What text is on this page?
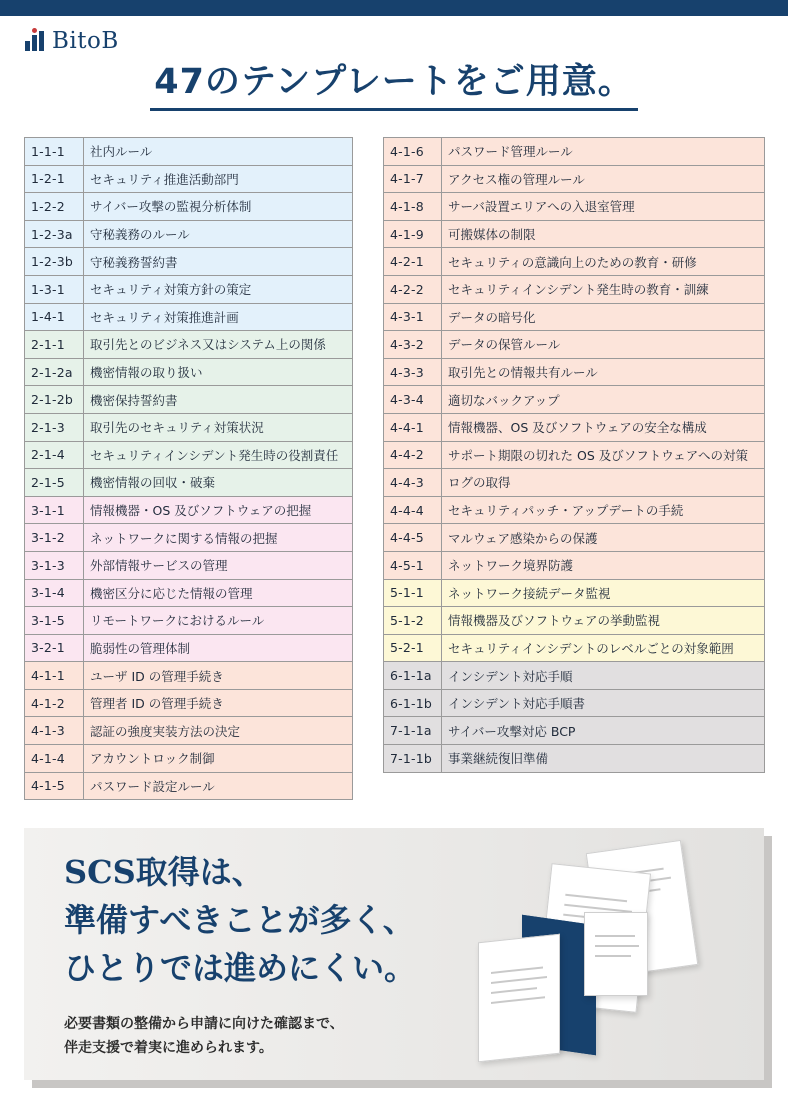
BitoB
47のテンプレートをご用意。
1-1-1	社内ルール
1-2-1	セキュリティ推進活動部門
1-2-2	サイバー攻撃の監視分析体制
1-2-3a	守秘義務のルール
1-2-3b	守秘義務誓約書
1-3-1	セキュリティ対策方針の策定
1-4-1	セキュリティ対策推進計画
2-1-1	取引先とのビジネス又はシステム上の関係
2-1-2a	機密情報の取り扱い
2-1-2b	機密保持誓約書
2-1-3	取引先のセキュリティ対策状況
2-1-4	セキュリティインシデント発生時の役割責任
2-1-5	機密情報の回収・破棄
3-1-1	情報機器・OS 及びソフトウェアの把握
3-1-2	ネットワークに関する情報の把握
3-1-3	外部情報サービスの管理
3-1-4	機密区分に応じた情報の管理
3-1-5	リモートワークにおけるルール
3-2-1	脆弱性の管理体制
4-1-1	ユーザ ID の管理手続き
4-1-2	管理者 ID の管理手続き
4-1-3	認証の強度実装方法の決定
4-1-4	アカウントロック制御
4-1-5	パスワード設定ルール
4-1-6	パスワード管理ルール
4-1-7	アクセス権の管理ルール
4-1-8	サーバ設置エリアへの入退室管理
4-1-9	可搬媒体の制限
4-2-1	セキュリティの意識向上のための教育・研修
4-2-2	セキュリティインシデント発生時の教育・訓練
4-3-1	データの暗号化
4-3-2	データの保管ルール
4-3-3	取引先との情報共有ルール
4-3-4	適切なバックアップ
4-4-1	情報機器、OS 及びソフトウェアの安全な構成
4-4-2	サポート期限の切れた OS 及びソフトウェアへの対策
4-4-3	ログの取得
4-4-4	セキュリティパッチ・アップデートの手続
4-4-5	マルウェア感染からの保護
4-5-1	ネットワーク境界防護
5-1-1	ネットワーク接続データ監視
5-1-2	情報機器及びソフトウェアの挙動監視
5-2-1	セキュリティインシデントのレベルごとの対象範囲
6-1-1a	インシデント対応手順
6-1-1b	インシデント対応手順書
7-1-1a	サイバー攻撃対応 BCP
7-1-1b	事業継続復旧準備
SCS取得は、
準備すべきことが多く、
ひとりでは進めにくい。
必要書類の整備から申請に向けた確認まで、
伴走支援で着実に進められます。
